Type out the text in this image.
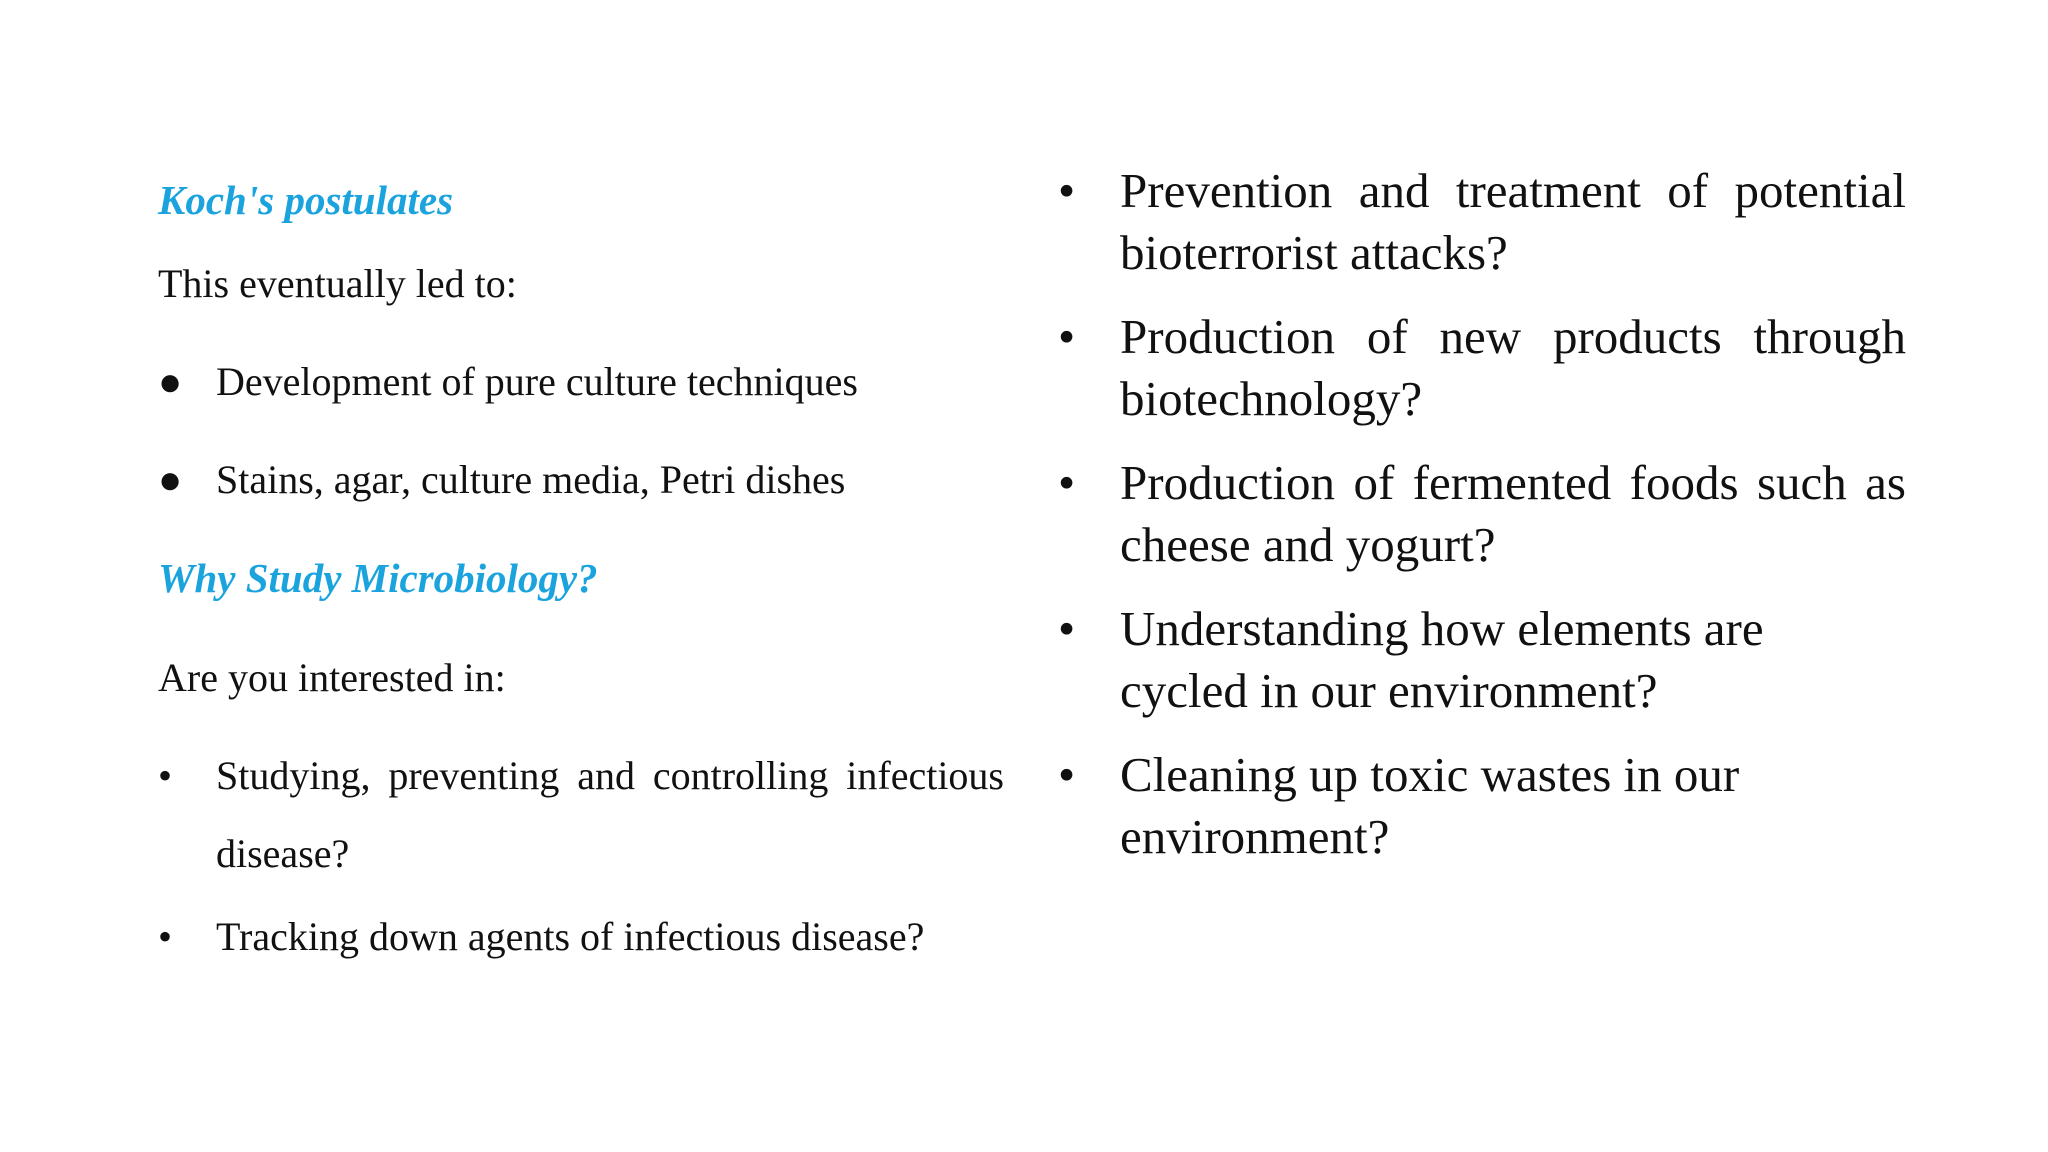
Koch's postulates

This eventually led to:

● Development of pure culture techniques
● Stains, agar, culture media, Petri dishes

Why Study Microbiology?

Are you interested in:

•	Studying, preventing and controlling infectious disease?
•	Tracking down agents of infectious disease?
• Prevention and treatment of potential bioterrorist attacks?
• Production of new products through biotechnology?
• Production of fermented foods such as cheese and yogurt?
• Understanding how elements are cycled in our environment?
• Cleaning up toxic wastes in our environment?
